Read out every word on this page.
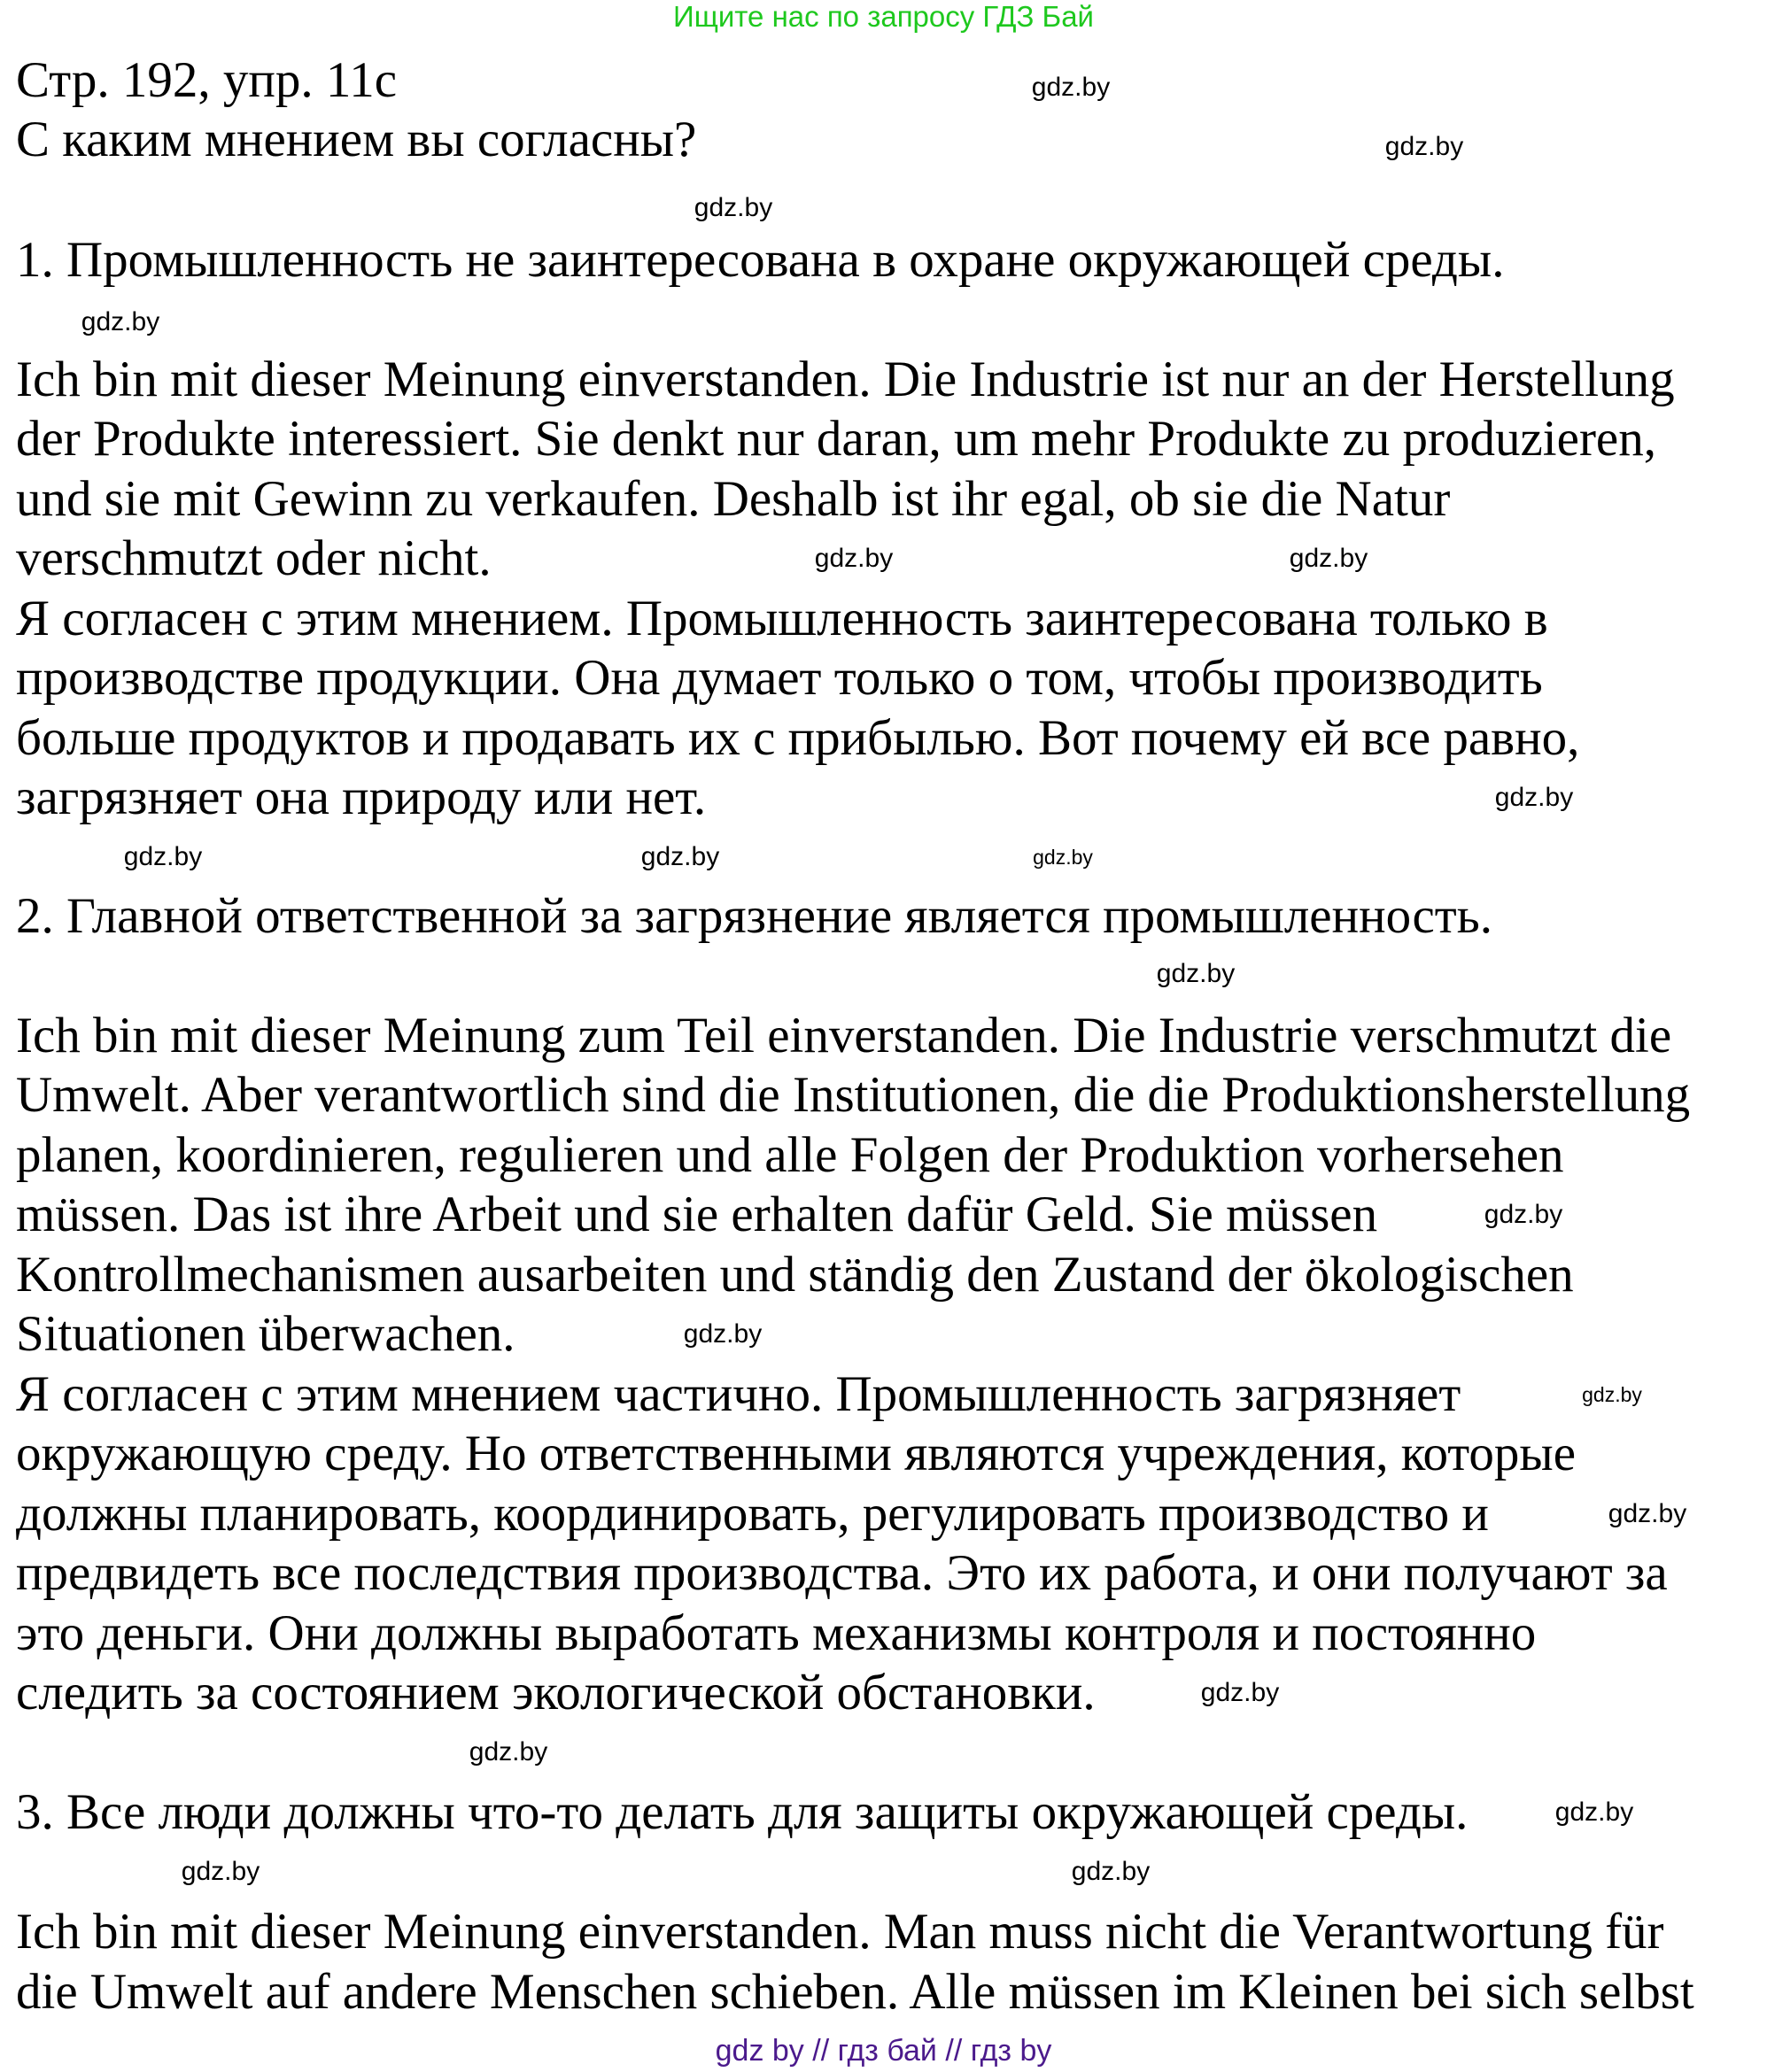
Ищите нас по запросу ГДЗ Бай
Стр. 192, упр. 11с
С каким мнением вы согласны?
1. Промышленность не заинтересована в охране окружающей среды.
Ich bin mit dieser Meinung einverstanden. Die Industrie ist nur an der Herstellung
der Produkte interessiert. Sie denkt nur daran, um mehr Produkte zu produzieren,
und sie mit Gewinn zu verkaufen. Deshalb ist ihr egal, ob sie die Natur
verschmutzt oder nicht.
Я согласен с этим мнением. Промышленность заинтересована только в
производстве продукции. Она думает только о том, чтобы производить
больше продуктов и продавать их с прибылью. Вот почему ей все равно,
загрязняет она природу или нет.
2. Главной ответственной за загрязнение является промышленность.
Ich bin mit dieser Meinung zum Teil einverstanden. Die Industrie verschmutzt die
Umwelt. Aber verantwortlich sind die Institutionen, die die Produktionsherstellung
planen, koordinieren, regulieren und alle Folgen der Produktion vorhersehen
müssen. Das ist ihre Arbeit und sie erhalten dafür Geld. Sie müssen
Kontrollmechanismen ausarbeiten und ständig den Zustand der ökologischen
Situationen überwachen.
Я согласен с этим мнением частично. Промышленность загрязняет
окружающую среду. Но ответственными являются учреждения, которые
должны планировать, координировать, регулировать производство и
предвидеть все последствия производства. Это их работа, и они получают за
это деньги. Они должны выработать механизмы контроля и постоянно
следить за состоянием экологической обстановки.
3. Все люди должны что-то делать для защиты окружающей среды.
Ich bin mit dieser Meinung einverstanden. Man muss nicht die Verantwortung für
die Umwelt auf andere Menschen schieben. Alle müssen im Kleinen bei sich selbst
gdz.by
gdz.by
gdz.by
gdz.by
gdz.by
gdz.by
gdz.by
gdz.by
gdz.by
gdz.by
gdz.by
gdz.by
gdz.by
gdz.by
gdz.by
gdz.by
gdz.by
gdz.by
gdz.by	gdz.by
gdz by // гдз бай // гдз by
